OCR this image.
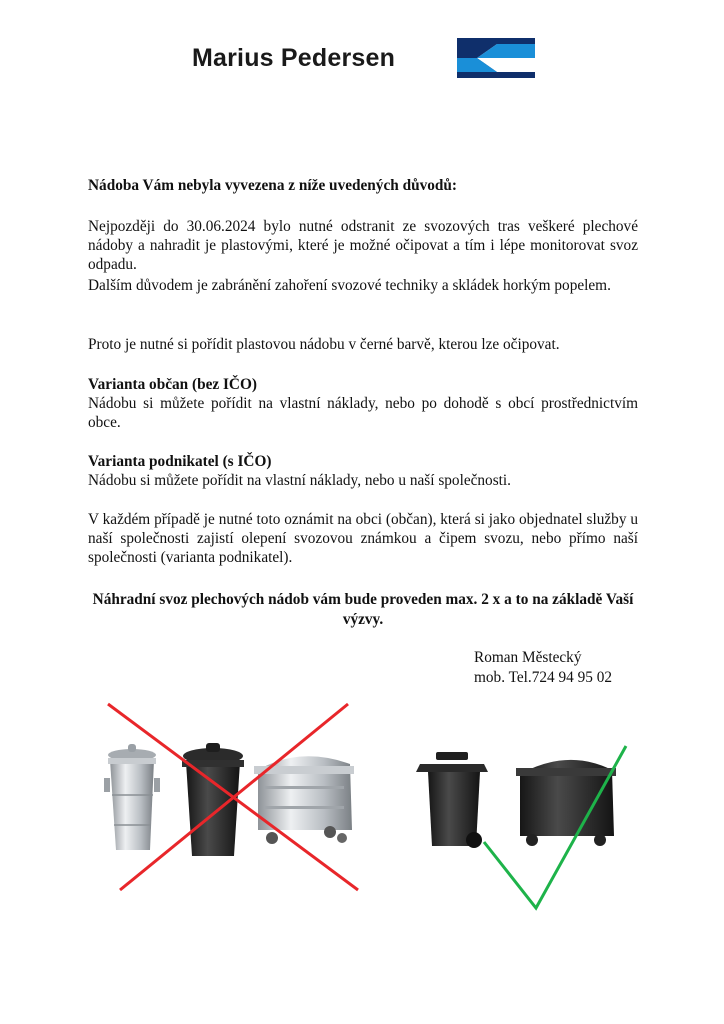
Marius Pedersen
Nádoba Vám nebyla vyvezena z níže uvedených důvodů:

Nejpozději do 30.06.2024 bylo nutné odstranit ze svozových tras veškeré plechové nádoby a nahradit je plastovými, které je možné očipovat a tím i lépe monitorovat svoz odpadu.

Dalším důvodem je zabránění zahoření svozové techniky a skládek horkým popelem.

Proto je nutné si pořídit plastovou nádobu v černé barvě, kterou lze očipovat.

Varianta občan (bez IČO)

Nádobu si můžete pořídit na vlastní náklady, nebo po dohodě s obcí prostřednictvím obce.

Varianta podnikatel (s IČO)

Nádobu si můžete pořídit na vlastní náklady, nebo u naší společnosti.

V každém případě je nutné toto oznámit na obci (občan), která si jako objednatel služby u naší společnosti zajistí olepení svozovou známkou a čipem svozu, nebo přímo naší společnosti (varianta podnikatel).

Náhradní svoz plechových nádob vám bude proveden max. 2 x a to na základě Vaší výzvy.
Roman Městecký
mob. Tel.724 94 95 02
